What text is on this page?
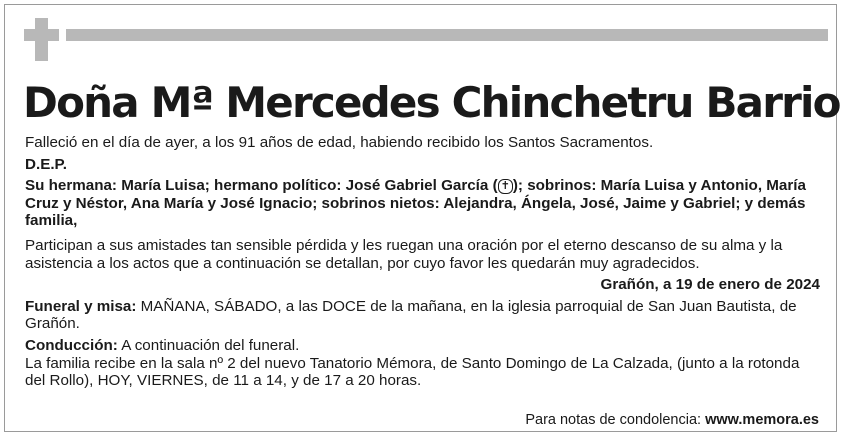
Doña Mª Mercedes Chinchetru Barrio

Falleció en el día de ayer, a los 91 años de edad, habiendo recibido los Santos Sacramentos.

D.E.P.

Su hermana: María Luisa; hermano político: José Gabriel García ( ✝ ); sobrinos: María Luisa y Antonio, María Cruz y Néstor, Ana María y José Ignacio; sobrinos nietos: Alejandra, Ángela, José, Jaime y Gabriel; y demás familia,

Participan a sus amistades tan sensible pérdida y les ruegan una oración por el eterno descanso de su alma y la asistencia a los actos que a continuación se detallan, por cuyo favor les quedarán muy agradecidos.

Grañón, a 19 de enero de 2024

Funeral y misa: MAÑANA, SÁBADO, a las DOCE de la mañana, en la iglesia parroquial de San Juan Bautista, de Grañón.

Conducción: A continuación del funeral.

La familia recibe en la sala nº 2 del nuevo Tanatorio Mémora, de Santo Domingo de La Calzada, (junto a la rotonda del Rollo), HOY, VIERNES, de 11 a 14, y de 17 a 20 horas.

Para notas de condolencia: www.memora.es
